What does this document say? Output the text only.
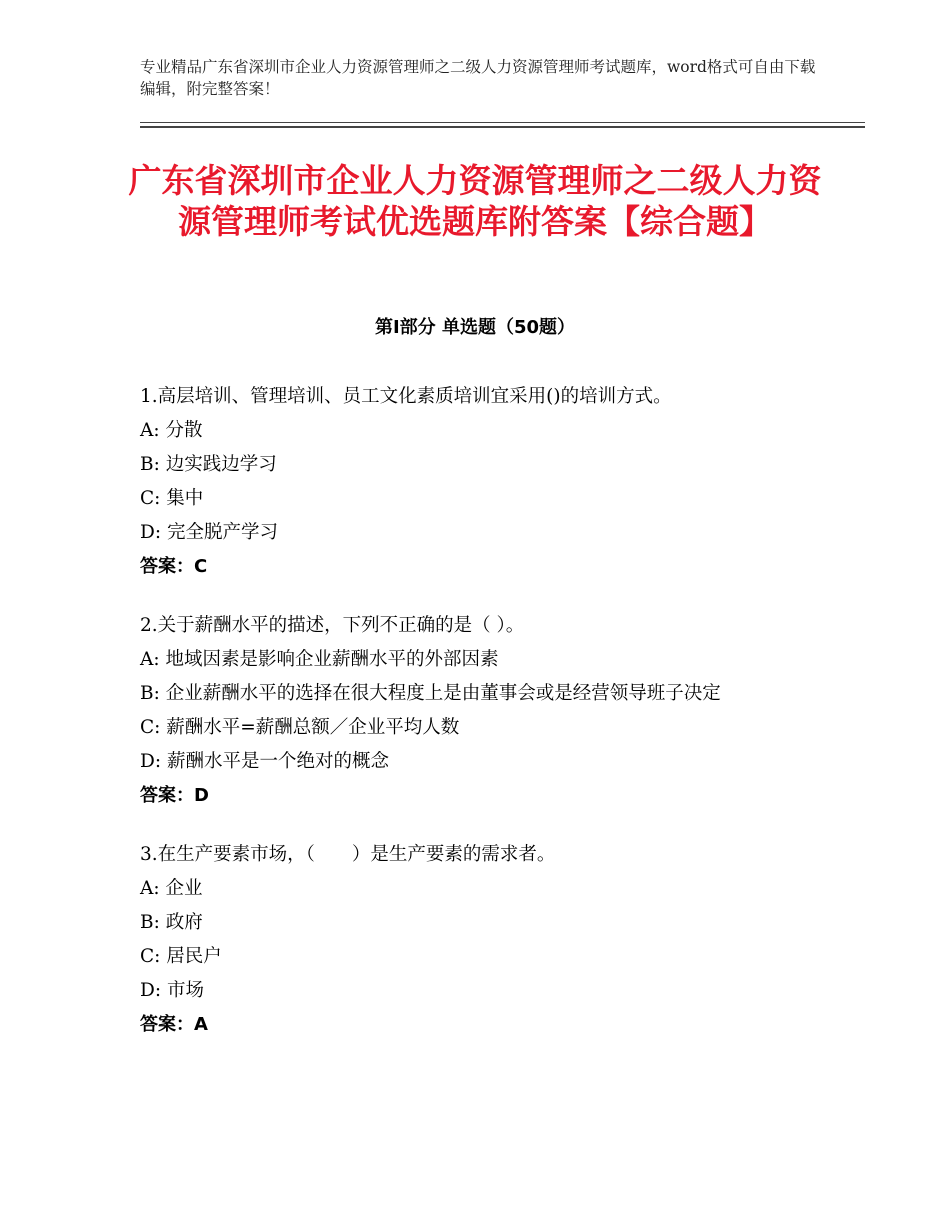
专业精品广东省深圳市企业人力资源管理师之二级人力资源管理师考试题库，word格式可自由下载编辑，附完整答案！
广东省深圳市企业人力资源管理师之二级人力资源管理师考试优选题库附答案【综合题】
第Ⅰ部分 单选题（50题）
1.高层培训、管理培训、员工文化素质培训宜采用()的培训方式。
A: 分散
B: 边实践边学习
C: 集中
D: 完全脱产学习
答案：C
2.关于薪酬水平的描述，下列不正确的是（ ）。
A: 地域因素是影响企业薪酬水平的外部因素
B: 企业薪酬水平的选择在很大程度上是由董事会或是经营领导班子决定
C: 薪酬水平=薪酬总额／企业平均人数
D: 薪酬水平是一个绝对的概念
答案：D
3.在生产要素市场，（　　）是生产要素的需求者。
A: 企业
B: 政府
C: 居民户
D: 市场
答案：A
